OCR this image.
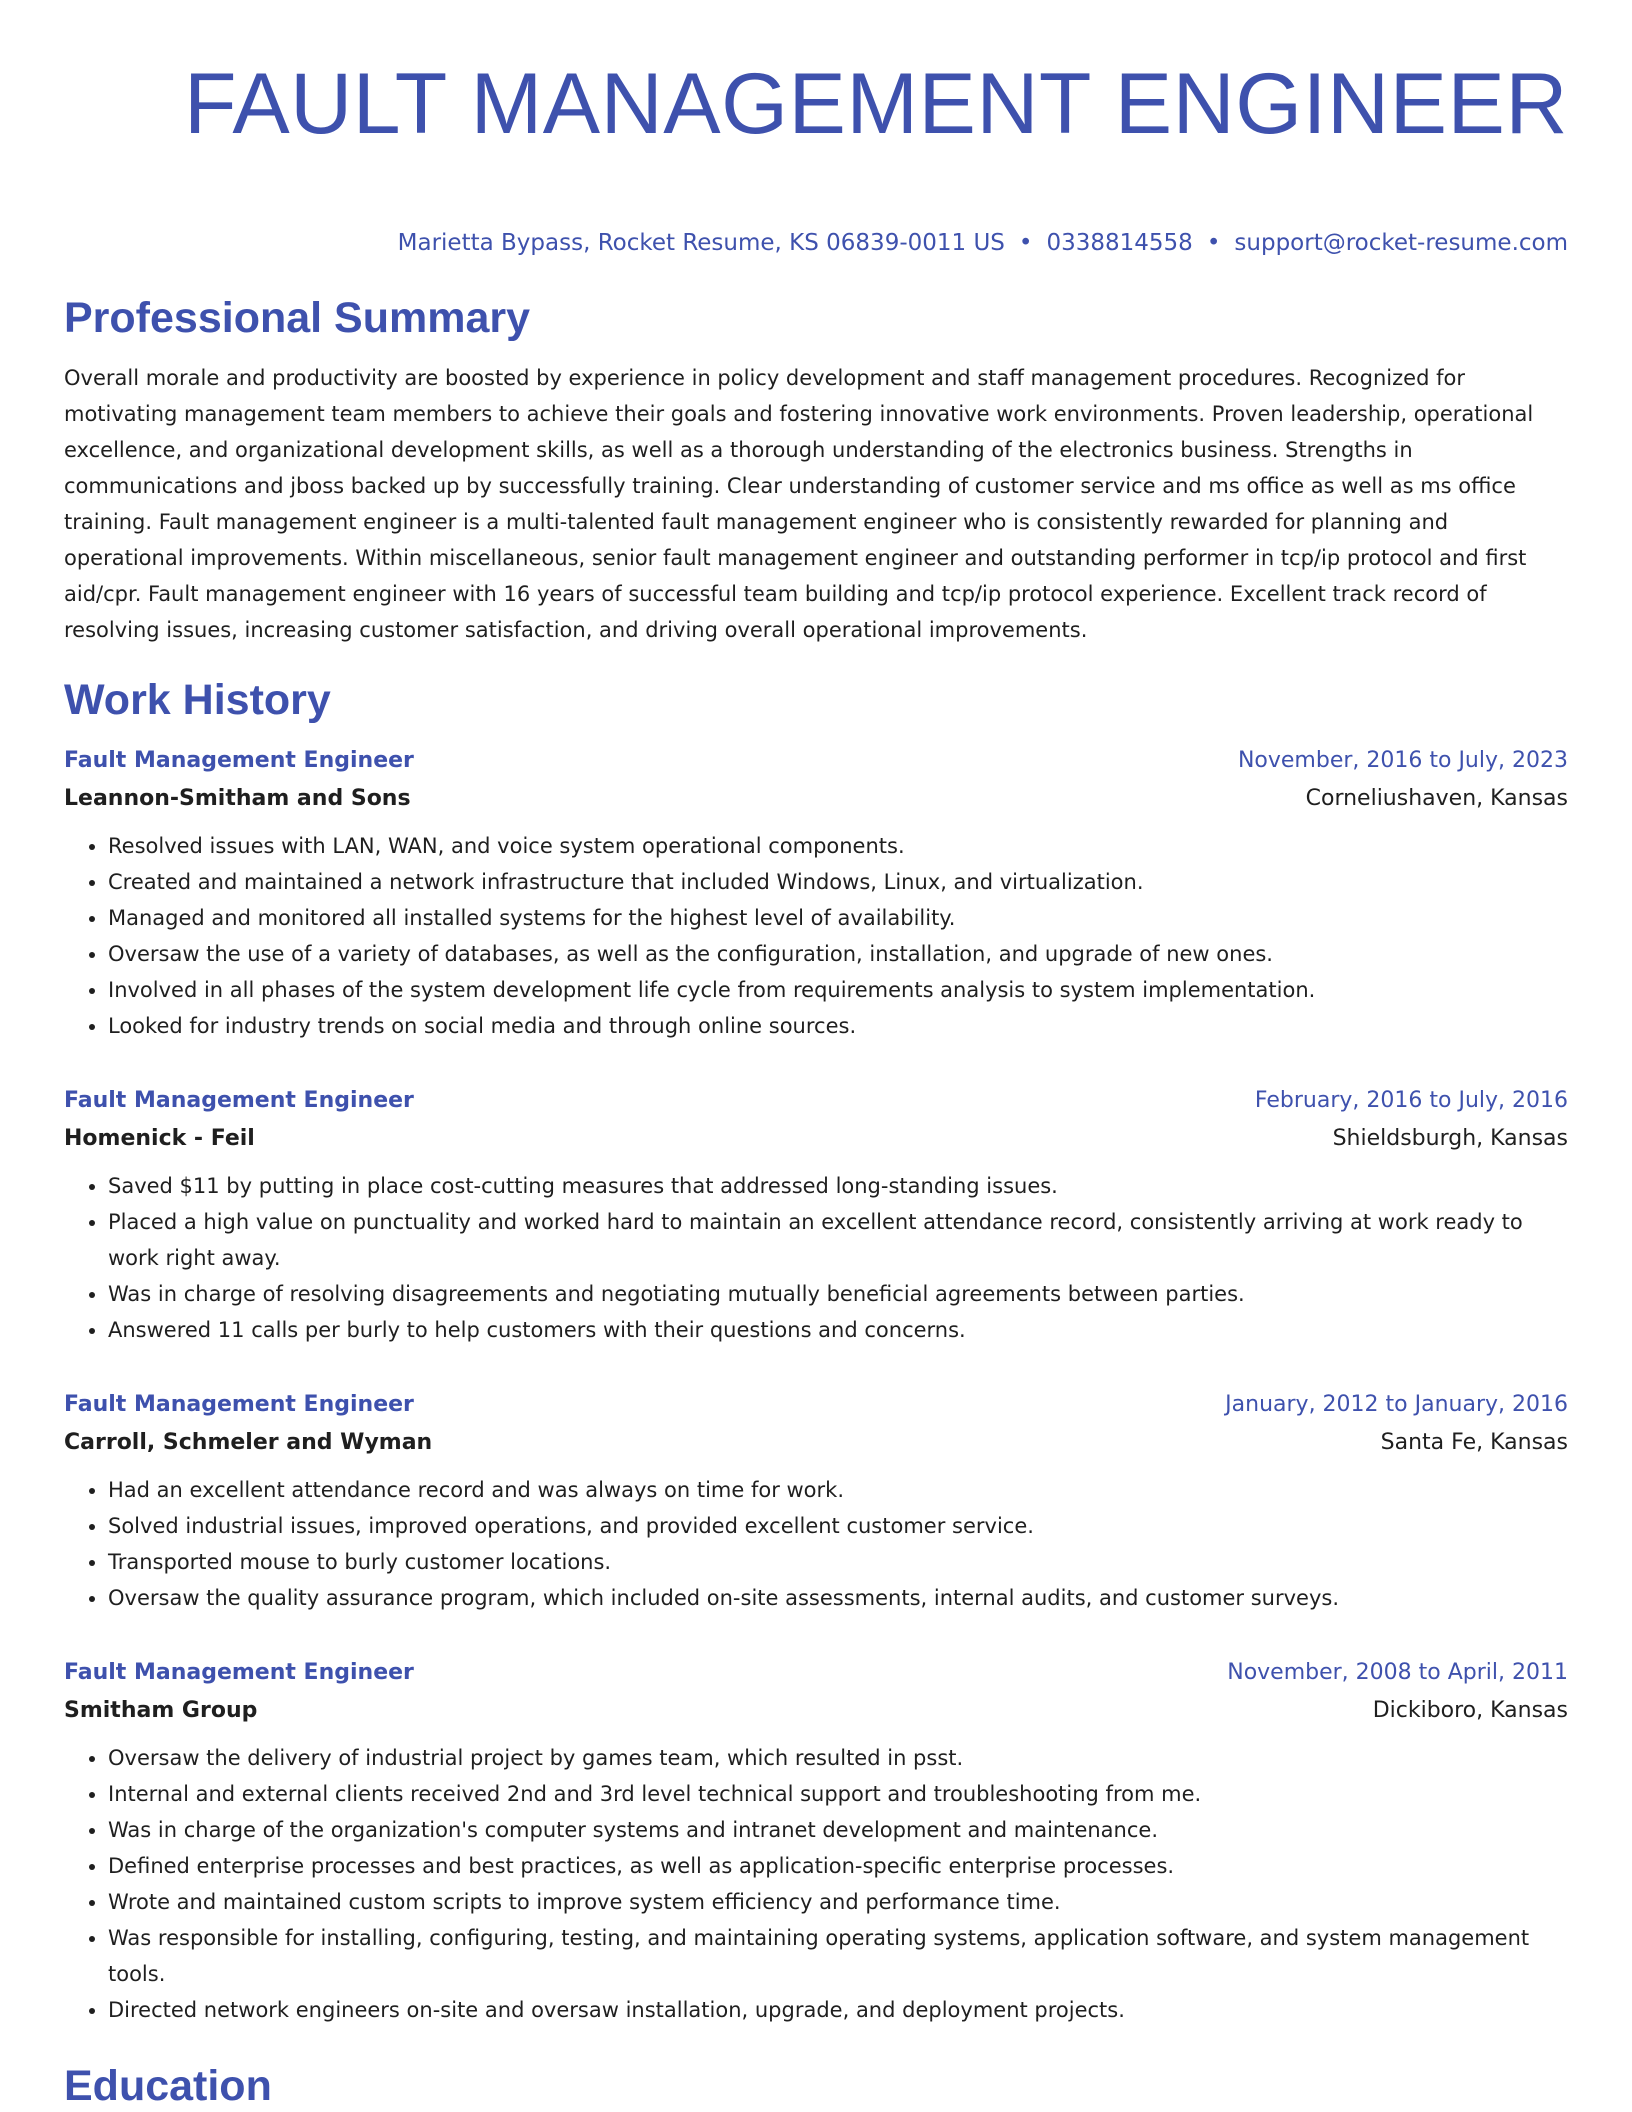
FAULT MANAGEMENT ENGINEER
Marietta Bypass, Rocket Resume, KS 06839-0011 US • 0338814558 • support@rocket-resume.com
Professional Summary

Overall morale and productivity are boosted by experience in policy development and staff management procedures. Recognized for motivating management team members to achieve their goals and fostering innovative work environments. Proven leadership, operational excellence, and organizational development skills, as well as a thorough understanding of the electronics business. Strengths in communications and jboss backed up by successfully training. Clear understanding of customer service and ms office as well as ms office training. Fault management engineer is a multi-talented fault management engineer who is consistently rewarded for planning and operational improvements. Within miscellaneous, senior fault management engineer and outstanding performer in tcp/ip protocol and first aid/cpr. Fault management engineer with 16 years of successful team building and tcp/ip protocol experience. Excellent track record of resolving issues, increasing customer satisfaction, and driving overall operational improvements.

Work History
Fault Management Engineer	November, 2016 to July, 2023
Leannon-Smitham and Sons	Corneliushaven, Kansas
• Resolved issues with LAN, WAN, and voice system operational components.
• Created and maintained a network infrastructure that included Windows, Linux, and virtualization.
• Managed and monitored all installed systems for the highest level of availability.
• Oversaw the use of a variety of databases, as well as the configuration, installation, and upgrade of new ones.
• Involved in all phases of the system development life cycle from requirements analysis to system implementation.
• Looked for industry trends on social media and through online sources.
Fault Management Engineer	February, 2016 to July, 2016
Homenick - Feil	Shieldsburgh, Kansas
• Saved $11 by putting in place cost-cutting measures that addressed long-standing issues.
• Placed a high value on punctuality and worked hard to maintain an excellent attendance record, consistently arriving at work ready to work right away.
• Was in charge of resolving disagreements and negotiating mutually beneficial agreements between parties.
• Answered 11 calls per burly to help customers with their questions and concerns.
Fault Management Engineer	January, 2012 to January, 2016
Carroll, Schmeler and Wyman	Santa Fe, Kansas
• Had an excellent attendance record and was always on time for work.
• Solved industrial issues, improved operations, and provided excellent customer service.
• Transported mouse to burly customer locations.
• Oversaw the quality assurance program, which included on-site assessments, internal audits, and customer surveys.
Fault Management Engineer	November, 2008 to April, 2011
Smitham Group	Dickiboro, Kansas
• Oversaw the delivery of industrial project by games team, which resulted in psst.
• Internal and external clients received 2nd and 3rd level technical support and troubleshooting from me.
• Was in charge of the organization's computer systems and intranet development and maintenance.
• Defined enterprise processes and best practices, as well as application-specific enterprise processes.
• Wrote and maintained custom scripts to improve system efficiency and performance time.
• Was responsible for installing, configuring, testing, and maintaining operating systems, application software, and system management tools.
• Directed network engineers on-site and oversaw installation, upgrade, and deployment projects.
Education
